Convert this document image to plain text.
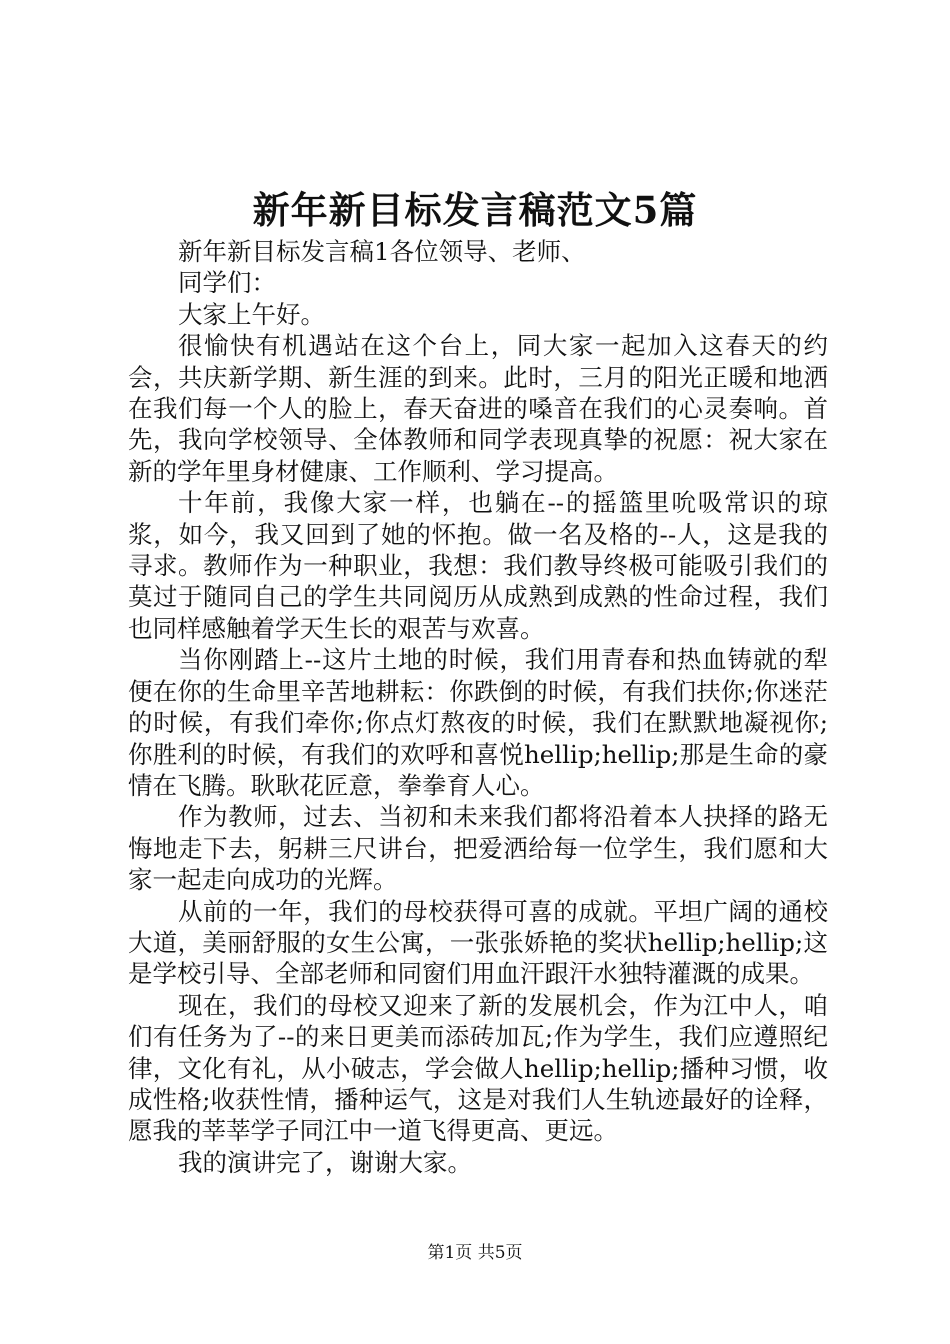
新年新目标发言稿范文5篇

新年新目标发言稿1各位领导、老师、

同学们：

大家上午好。

很愉快有机遇站在这个台上，同大家一起加入这春天的约会，共庆新学期、新生涯的到来。此时，三月的阳光正暖和地洒在我们每一个人的脸上，春天奋进的嗓音在我们的心灵奏响。首先，我向学校领导、全体教师和同学表现真挚的祝愿：祝大家在新的学年里身材健康、工作顺利、学习提高。

十年前，我像大家一样，也躺在--的摇篮里吮吸常识的琼浆，如今，我又回到了她的怀抱。做一名及格的--人，这是我的寻求。教师作为一种职业，我想：我们教导终极可能吸引我们的莫过于随同自己的学生共同阅历从成熟到成熟的性命过程，我们也同样感触着学天生长的艰苦与欢喜。

当你刚踏上--这片土地的时候，我们用青春和热血铸就的犁便在你的生命里辛苦地耕耘：你跌倒的时候，有我们扶你;你迷茫的时候，有我们牵你;你点灯熬夜的时候，我们在默默地凝视你;你胜利的时候，有我们的欢呼和喜悦hellip;hellip;那是生命的豪情在飞腾。耿耿花匠意，拳拳育人心。

作为教师，过去、当初和未来我们都将沿着本人抉择的路无悔地走下去，躬耕三尺讲台，把爱洒给每一位学生，我们愿和大家一起走向成功的光辉。

从前的一年，我们的母校获得可喜的成就。平坦广阔的通校大道，美丽舒服的女生公寓，一张张娇艳的奖状hellip;hellip;这是学校引导、全部老师和同窗们用血汗跟汗水独特灌溉的成果。

现在，我们的母校又迎来了新的发展机会，作为江中人，咱们有任务为了--的来日更美而添砖加瓦;作为学生，我们应遵照纪律，文化有礼，从小破志，学会做人hellip;hellip;播种习惯，收成性格;收获性情，播种运气，这是对我们人生轨迹最好的诠释，愿我的莘莘学子同江中一道飞得更高、更远。

我的演讲完了，谢谢大家。

第1页 共5页
